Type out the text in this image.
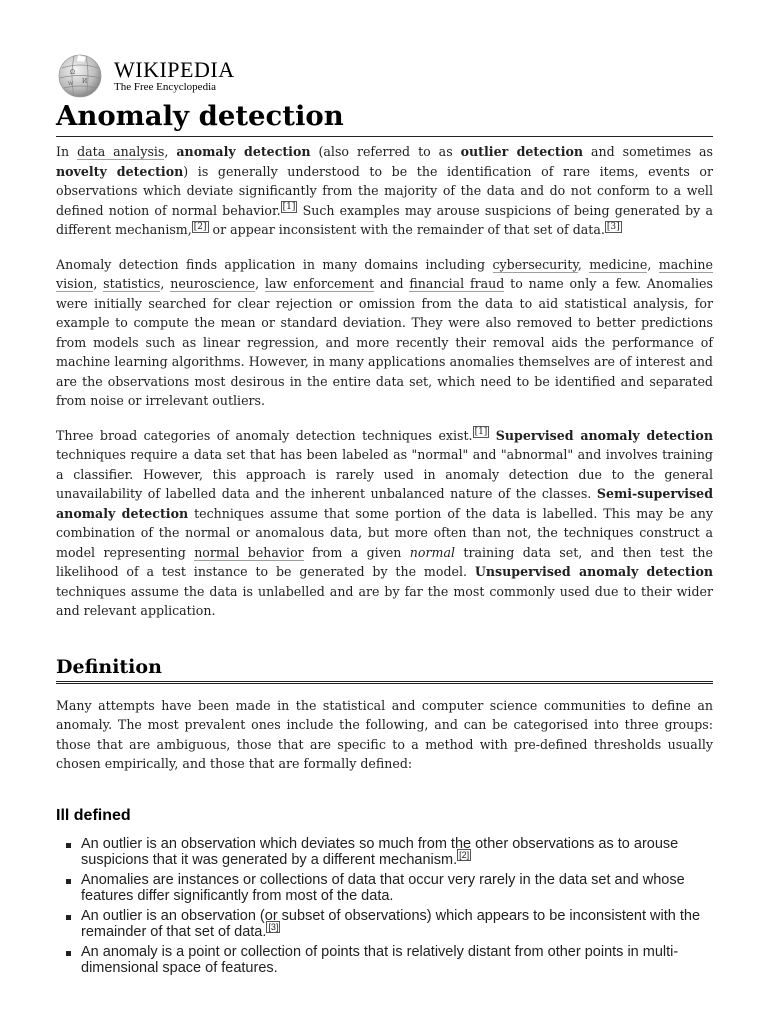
Ω
И
W
WIKIPEDIA
The Free Encyclopedia
Anomaly detection

In data analysis, anomaly detection (also referred to as outlier detection and sometimes as novelty detection) is generally understood to be the identification of rare items, events or observations which deviate significantly from the majority of the data and do not conform to a well defined notion of normal behavior. [1] Such examples may arouse suspicions of being generated by a different mechanism, [2] or appear inconsistent with the remainder of that set of data. [3]

Anomaly detection finds application in many domains including cybersecurity, medicine, machine vision, statistics, neuroscience, law enforcement and financial fraud to name only a few. Anomalies were initially searched for clear rejection or omission from the data to aid statistical analysis, for example to compute the mean or standard deviation. They were also removed to better predictions from models such as linear regression, and more recently their removal aids the performance of machine learning algorithms. However, in many applications anomalies themselves are of interest and are the observations most desirous in the entire data set, which need to be identified and separated from noise or irrelevant outliers.

Three broad categories of anomaly detection techniques exist. [1] Supervised anomaly detection techniques require a data set that has been labeled as "normal" and "abnormal" and involves training a classifier. However, this approach is rarely used in anomaly detection due to the general unavailability of labelled data and the inherent unbalanced nature of the classes. Semi-supervised anomaly detection techniques assume that some portion of the data is labelled. This may be any combination of the normal or anomalous data, but more often than not, the techniques construct a model representing normal behavior from a given normal training data set, and then test the likelihood of a test instance to be generated by the model. Unsupervised anomaly detection techniques assume the data is unlabelled and are by far the most commonly used due to their wider and relevant application.

Definition

Many attempts have been made in the statistical and computer science communities to define an anomaly. The most prevalent ones include the following, and can be categorised into three groups: those that are ambiguous, those that are specific to a method with pre-defined thresholds usually chosen empirically, and those that are formally defined:

Ill defined
An outlier is an observation which deviates so much from the other observations as to arouse suspicions that it was generated by a different mechanism. [2]
Anomalies are instances or collections of data that occur very rarely in the data set and whose features differ significantly from most of the data.
An outlier is an observation (or subset of observations) which appears to be inconsistent with the remainder of that set of data. [3]
An anomaly is a point or collection of points that is relatively distant from other points in multi-dimensional space of features.
